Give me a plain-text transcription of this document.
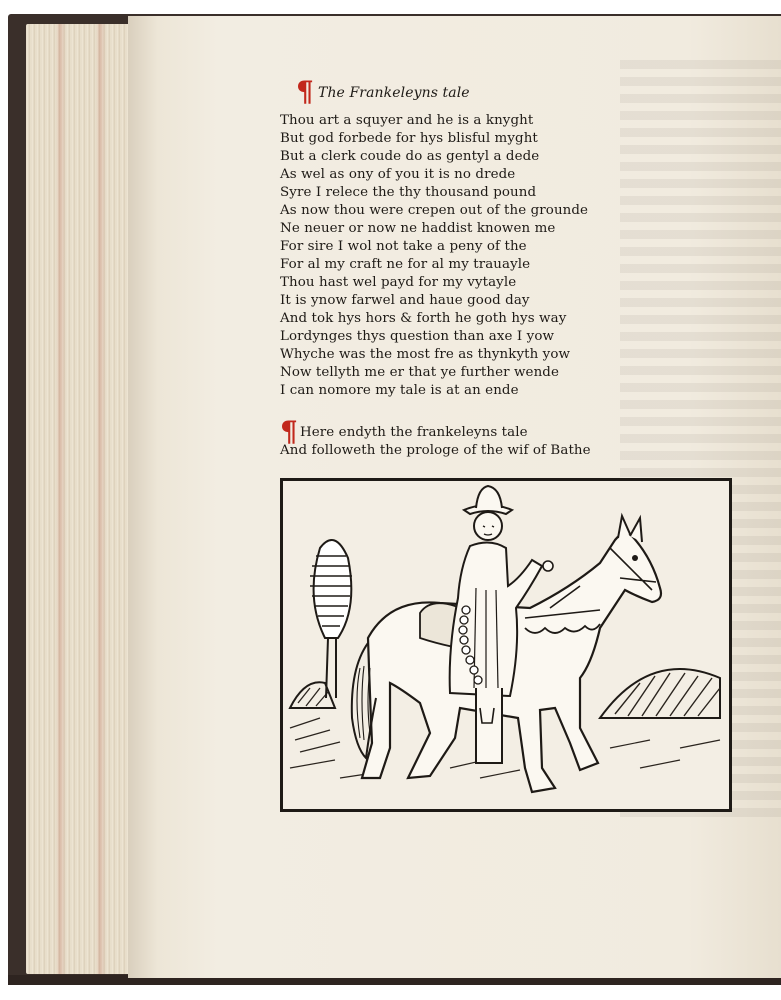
¶ The Frankeleyns tale
Thou art a squyer and he is a knyght
But god forbede for hys blisful myght
But a clerk coude do as gentyl a dede
As wel as ony of you it is no drede
Syre I relece the thy thousand pound
As now thou were crepen out of the grounde
Ne neuer or now ne haddist knowen me
For sire I wol not take a peny of the
For al my craft ne for al my trauayle
Thou hast wel payd for my vytayle
It is ynow farwel and haue good day
And tok hys hors & forth he goth hys way
Lordynges thys question than axe I yow
Whyche was the most fre as thynkyth yow
Now tellyth me er that ye further wende
I can nomore my tale is at an ende
¶ Here endyth the frankeleyns tale
And followeth the prologe of the wif of Bathe
